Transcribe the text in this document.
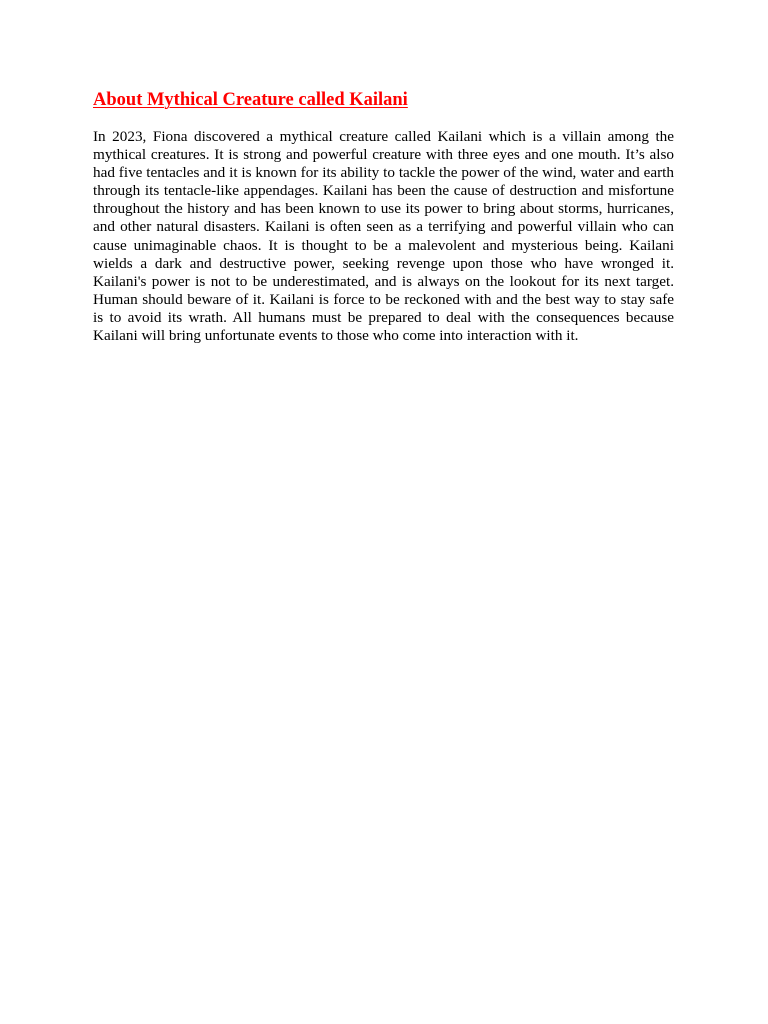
About Mythical Creature called Kailani

In 2023, Fiona discovered a mythical creature called Kailani which is a villain among the mythical creatures. It is strong and powerful creature with three eyes and one mouth. It’s also had five tentacles and it is known for its ability to tackle the power of the wind, water and earth through its tentacle-like appendages. Kailani has been the cause of destruction and misfortune throughout the history and has been known to use its power to bring about storms, hurricanes, and other natural disasters. Kailani is often seen as a terrifying and powerful villain who can cause unimaginable chaos. It is thought to be a malevolent and mysterious being. Kailani wields a dark and destructive power, seeking revenge upon those who have wronged it. Kailani's power is not to be underestimated, and is always on the lookout for its next target. Human should beware of it. Kailani is force to be reckoned with and the best way to stay safe is to avoid its wrath. All humans must be prepared to deal with the consequences because Kailani will bring unfortunate events to those who come into interaction with it.
